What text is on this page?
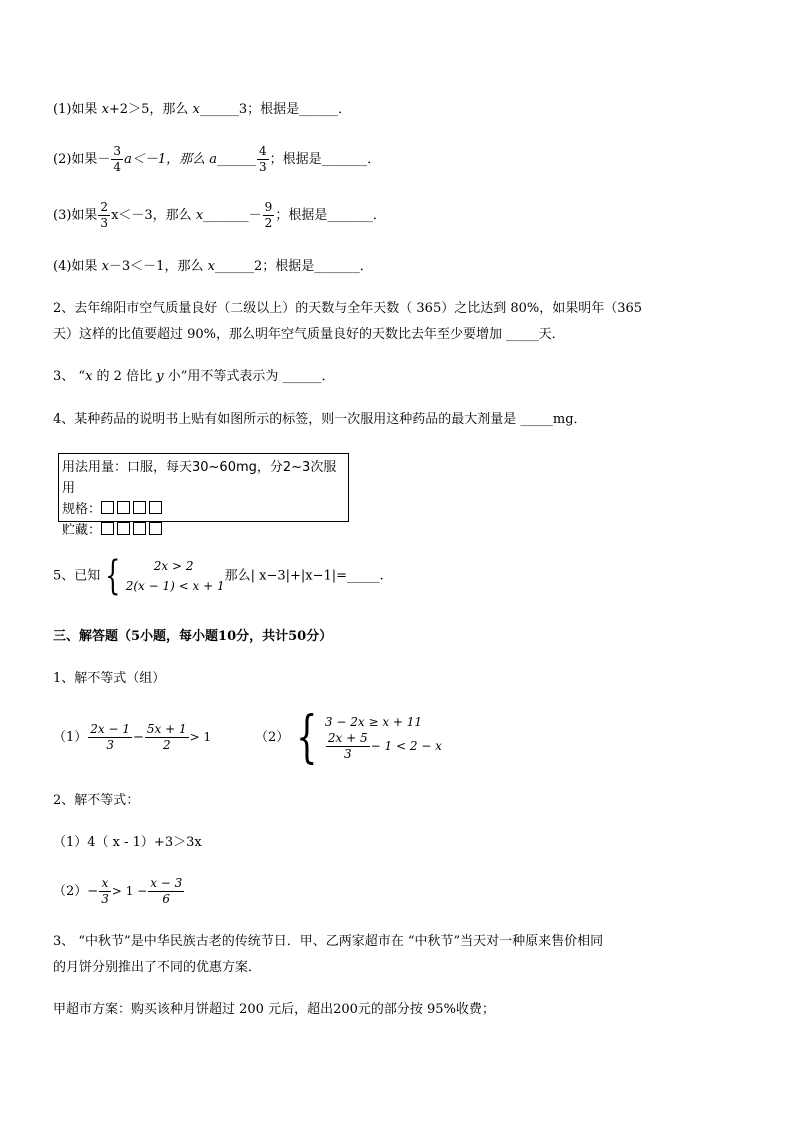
(1)如果 x+2＞5，那么 x______3；根据是______．
(2)如果－ $\frac{3}{4} a<-1$，那么 a______ $\frac{4}{3}$ ；根据是_______．
(3)如果 $\frac{2}{3} x<-3$，那么 x_______－ $\frac{9}{2}$ ；根据是_______．
(4)如果 x－3＜－1，那么 x______2；根据是_______．
2、去年绵阳市空气质量良好（二级以上）的天数与全年天数（ 365）之比达到 80%，如果明年（365
天）这样的比值要超过 90%，那么明年空气质量良好的天数比去年至少要增加 _____天．
3、 “x 的 2 倍比 y 小”用不等式表示为 ______．
4、某种药品的说明书上贴有如图所示的标签，则一次服用这种药品的最大剂量是 _____mg．
用法用量：口服，每天30~60mg，分2~3次服用
规格：
贮藏：
5、已知 {	2x > 2
2(x − 1) < x + 1
那么| x−3|+|x−1|=_____.
三、解答题（5小题，每小题10分，共计50分）
1、解不等式（组）
$(1) \frac{2x - 1}{3} - \frac{5x + 1}{2} > 1$	（2） { 3 − 2x ≥ x + 11
$\frac{2x + 5}{3} - 1 < 2 - x$
2、解不等式：
（1）4（ x - 1）+3＞3x
$(2)- \frac{x}{3} > 1 - \frac{x - 3}{6}$
3、 “中秋节”是中华民族古老的传统节日．甲、乙两家超市在 “中秋节”当天对一种原来售价相同
的月饼分别推出了不同的优惠方案．
甲超市方案：购买该种月饼超过 200 元后，超出200元的部分按 95%收费；
